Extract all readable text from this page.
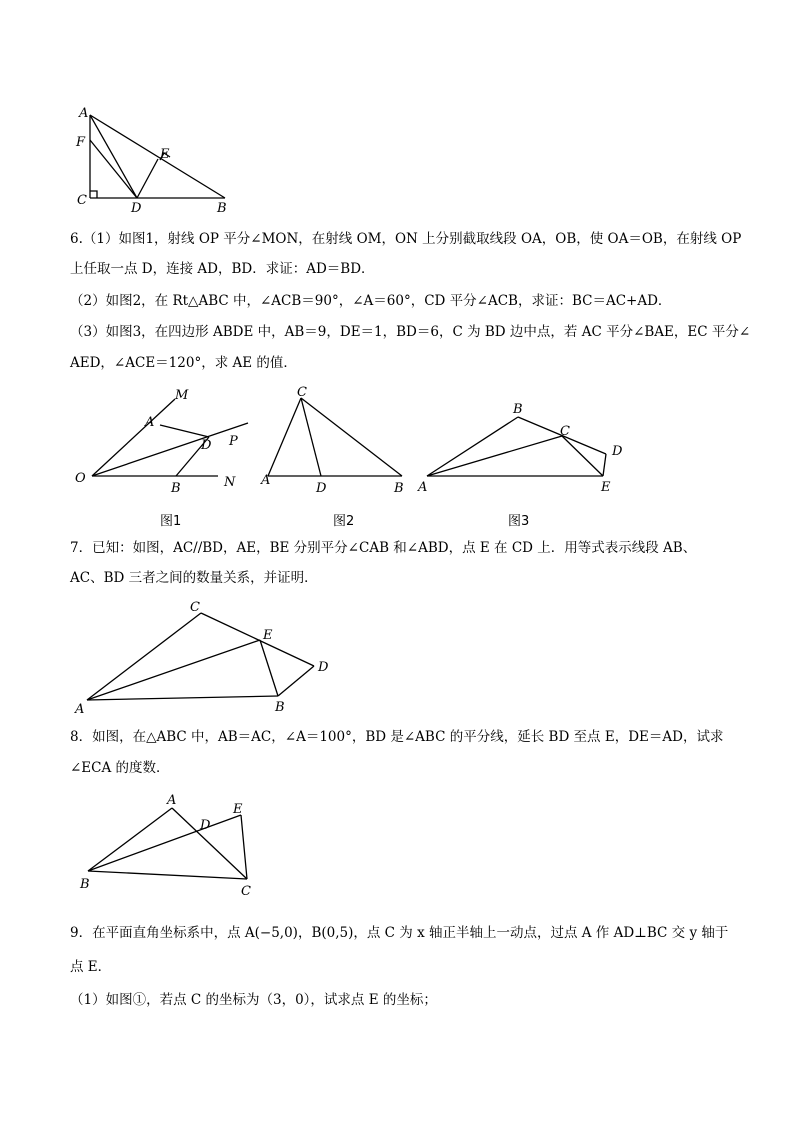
A
F
E
C
D	B
6.（1）如图1，射线 OP 平分∠MON，在射线 OM，ON 上分别截取线段 OA，OB，使 OA＝OB，在射线 OP
上任取一点 D，连接 AD，BD．求证：AD＝BD．
（2）如图2，在 Rt△ABC 中，∠ACB＝90°，∠A＝60°，CD 平分∠ACB，求证：BC＝AC+AD．
（3）如图3，在四边形 ABDE 中，AB＝9，DE＝1，BD＝6，C 为 BD 边中点，若 AC 平分∠BAE，EC 平分∠
AED，∠ACE＝120°，求 AE 的值．
M
A
D P
O
B	N
图1
C
A
D	B
图2
B
C
D
A	E
图3
7．已知：如图，AC//BD，AE，BE 分别平分∠CAB 和∠ABD，点 E 在 CD 上．用等式表示线段 AB、
AC、BD 三者之间的数量关系，并证明．
C
E
D
A	B
8．如图，在△ABC 中，AB＝AC，∠A＝100°，BD 是∠ABC 的平分线，延长 BD 至点 E，DE＝AD，试求
∠ECA 的度数．
A
D
E
B	C
9．在平面直角坐标系中，点 A(−5,0)，B(0,5)，点 C 为 x 轴正半轴上一动点，过点 A 作 AD⊥BC 交 y 轴于
点 E．
（1）如图①，若点 C 的坐标为（3，0），试求点 E 的坐标；
